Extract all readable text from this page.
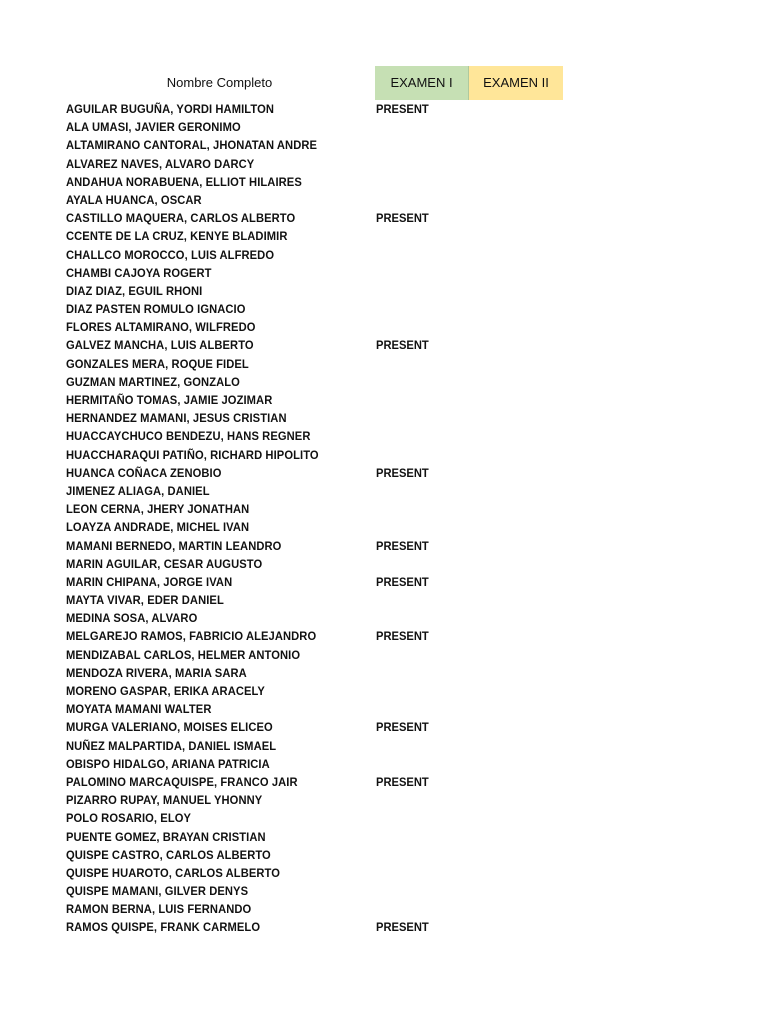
Nombre Completo	EXAMEN I	EXAMEN II
AGUILAR BUGUÑA, YORDI HAMILTON	PRESENT
ALA UMASI, JAVIER GERONIMO
ALTAMIRANO CANTORAL, JHONATAN ANDRE
ALVAREZ NAVES, ALVARO DARCY
ANDAHUA NORABUENA, ELLIOT HILAIRES
AYALA HUANCA, OSCAR
CASTILLO MAQUERA, CARLOS ALBERTO	PRESENT
CCENTE DE LA CRUZ, KENYE BLADIMIR
CHALLCO MOROCCO, LUIS ALFREDO
CHAMBI CAJOYA ROGERT
DIAZ DIAZ, EGUIL RHONI
DIAZ PASTEN ROMULO IGNACIO
FLORES ALTAMIRANO, WILFREDO
GALVEZ MANCHA, LUIS ALBERTO	PRESENT
GONZALES MERA, ROQUE FIDEL
GUZMAN MARTINEZ, GONZALO
HERMITAÑO TOMAS, JAMIE JOZIMAR
HERNANDEZ MAMANI, JESUS CRISTIAN
HUACCAYCHUCO BENDEZU, HANS REGNER
HUACCHARAQUI PATIÑO, RICHARD HIPOLITO
HUANCA COÑACA ZENOBIO	PRESENT
JIMENEZ ALIAGA, DANIEL
LEON CERNA, JHERY JONATHAN
LOAYZA ANDRADE, MICHEL IVAN
MAMANI BERNEDO, MARTIN LEANDRO	PRESENT
MARIN AGUILAR, CESAR AUGUSTO
MARIN CHIPANA, JORGE IVAN	PRESENT
MAYTA VIVAR, EDER DANIEL
MEDINA SOSA, ALVARO
MELGAREJO RAMOS, FABRICIO ALEJANDRO	PRESENT
MENDIZABAL CARLOS, HELMER ANTONIO
MENDOZA RIVERA, MARIA SARA
MORENO GASPAR, ERIKA ARACELY
MOYATA MAMANI WALTER
MURGA VALERIANO, MOISES ELICEO	PRESENT
NUÑEZ MALPARTIDA, DANIEL ISMAEL
OBISPO HIDALGO, ARIANA PATRICIA
PALOMINO MARCAQUISPE, FRANCO JAIR	PRESENT
PIZARRO RUPAY, MANUEL YHONNY
POLO ROSARIO, ELOY
PUENTE GOMEZ, BRAYAN CRISTIAN
QUISPE CASTRO, CARLOS ALBERTO
QUISPE HUAROTO, CARLOS ALBERTO
QUISPE MAMANI, GILVER DENYS
RAMON BERNA, LUIS FERNANDO
RAMOS QUISPE, FRANK CARMELO	PRESENT
